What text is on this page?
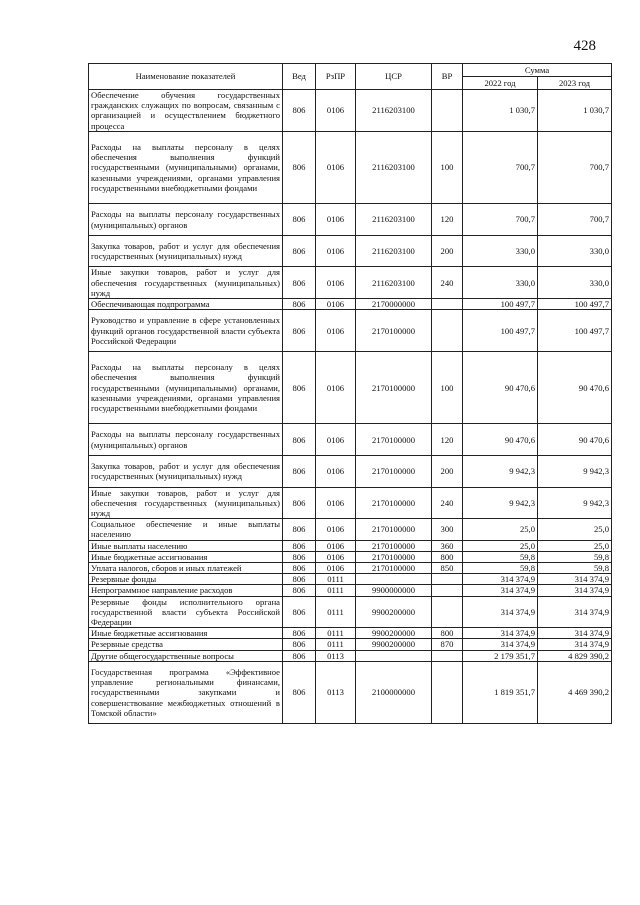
428
Наименование показателей	Вед	РзПР	ЦСР	ВР	Сумма	
					2022 год	2023 год
Обеспечение обучения государственных гражданских служащих по вопросам, связанным с организацией и осуществлением бюджетного процесса	806	0106	2116203100		1 030,7	1 030,7
Расходы на выплаты персоналу в целях обеспечения выполнения функций государственными (муниципальными) органами, казенными учреждениями, органами управления государственными внебюджетными фондами	806	0106	2116203100	100	700,7	700,7
Расходы на выплаты персоналу государственных (муниципальных) органов	806	0106	2116203100	120	700,7	700,7
Закупка товаров, работ и услуг для обеспечения государственных (муниципальных) нужд	806	0106	2116203100	200	330,0	330,0
Иные закупки товаров, работ и услуг для обеспечения государственных (муниципальных) нужд	806	0106	2116203100	240	330,0	330,0
Обеспечивающая подпрограмма	806	0106	2170000000		100 497,7	100 497,7
Руководство и управление в сфере установленных функций органов государственной власти субъекта Российской Федерации	806	0106	2170100000		100 497,7	100 497,7
Расходы на выплаты персоналу в целях обеспечения выполнения функций государственными (муниципальными) органами, казенными учреждениями, органами управления государственными внебюджетными фондами	806	0106	2170100000	100	90 470,6	90 470,6
Расходы на выплаты персоналу государственных (муниципальных) органов	806	0106	2170100000	120	90 470,6	90 470,6
Закупка товаров, работ и услуг для обеспечения государственных (муниципальных) нужд	806	0106	2170100000	200	9 942,3	9 942,3
Иные закупки товаров, работ и услуг для обеспечения государственных (муниципальных) нужд	806	0106	2170100000	240	9 942,3	9 942,3
Социальное обеспечение и иные выплаты населению	806	0106	2170100000	300	25,0	25,0
Иные выплаты населению	806	0106	2170100000	360	25,0	25,0
Иные бюджетные ассигнования	806	0106	2170100000	800	59,8	59,8
Уплата налогов, сборов и иных платежей	806	0106	2170100000	850	59,8	59,8
Резервные фонды	806	0111			314 374,9	314 374,9
Непрограммное направление расходов	806	0111	9900000000		314 374,9	314 374,9
Резервные фонды исполнительного органа государственной власти субъекта Российской Федерации	806	0111	9900200000		314 374,9	314 374,9
Иные бюджетные ассигнования	806	0111	9900200000	800	314 374,9	314 374,9
Резервные средства	806	0111	9900200000	870	314 374,9	314 374,9
Другие общегосударственные вопросы	806	0113			2 179 351,7	4 829 390,2
Государственная программа «Эффективное управление региональными финансами, государственными закупками и совершенствование межбюджетных отношений в Томской области»	806	0113	2100000000		1 819 351,7	4 469 390,2
